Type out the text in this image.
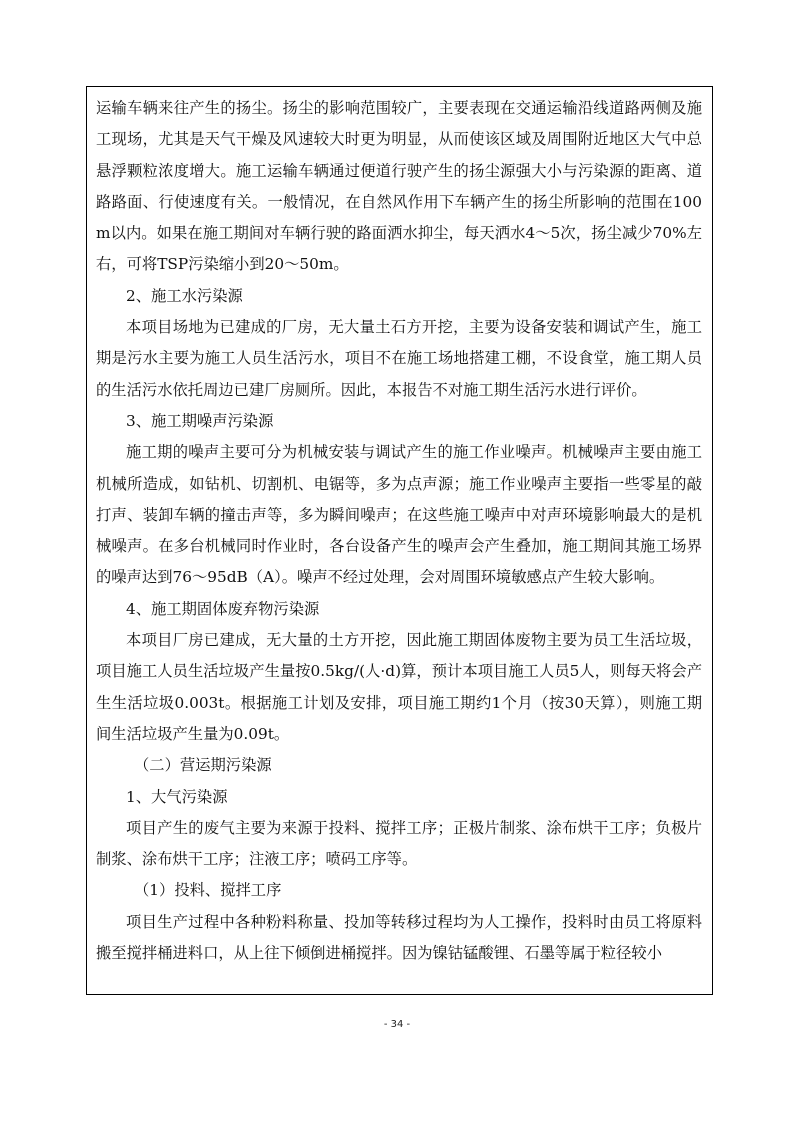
运输车辆来往产生的扬尘。扬尘的影响范围较广，主要表现在交通运输沿线道路两侧及施工现场，尤其是天气干燥及风速较大时更为明显，从而使该区域及周围附近地区大气中总悬浮颗粒浓度增大。施工运输车辆通过便道行驶产生的扬尘源强大小与污染源的距离、道路路面、行使速度有关。一般情况，在自然风作用下车辆产生的扬尘所影响的范围在100m以内。如果在施工期间对车辆行驶的路面洒水抑尘，每天洒水4～5次，扬尘减少70%左右，可将TSP污染缩小到20～50m。

2、施工水污染源

本项目场地为已建成的厂房，无大量土石方开挖，主要为设备安装和调试产生，施工期是污水主要为施工人员生活污水，项目不在施工场地搭建工棚，不设食堂，施工期人员的生活污水依托周边已建厂房厕所。因此，本报告不对施工期生活污水进行评价。

3、施工期噪声污染源

施工期的噪声主要可分为机械安装与调试产生的施工作业噪声。机械噪声主要由施工机械所造成，如钻机、切割机、电锯等，多为点声源；施工作业噪声主要指一些零星的敲打声、装卸车辆的撞击声等，多为瞬间噪声；在这些施工噪声中对声环境影响最大的是机械噪声。在多台机械同时作业时，各台设备产生的噪声会产生叠加，施工期间其施工场界的噪声达到76～95dB（A）。噪声不经过处理，会对周围环境敏感点产生较大影响。

4、施工期固体废弃物污染源

本项目厂房已建成，无大量的土方开挖，因此施工期固体废物主要为员工生活垃圾，项目施工人员生活垃圾产生量按0.5kg/(人·d)算，预计本项目施工人员5人，则每天将会产生生活垃圾0.003t。根据施工计划及安排，项目施工期约1个月（按30天算），则施工期间生活垃圾产生量为0.09t。

（二）营运期污染源

1、大气污染源

项目产生的废气主要为来源于投料、搅拌工序；正极片制浆、涂布烘干工序；负极片制浆、涂布烘干工序；注液工序；喷码工序等。

（1）投料、搅拌工序

项目生产过程中各种粉料称量、投加等转移过程均为人工操作，投料时由员工将原料搬至搅拌桶进料口，从上往下倾倒进桶搅拌。因为镍钴锰酸锂、石墨等属于粒径较小

- 34 -
